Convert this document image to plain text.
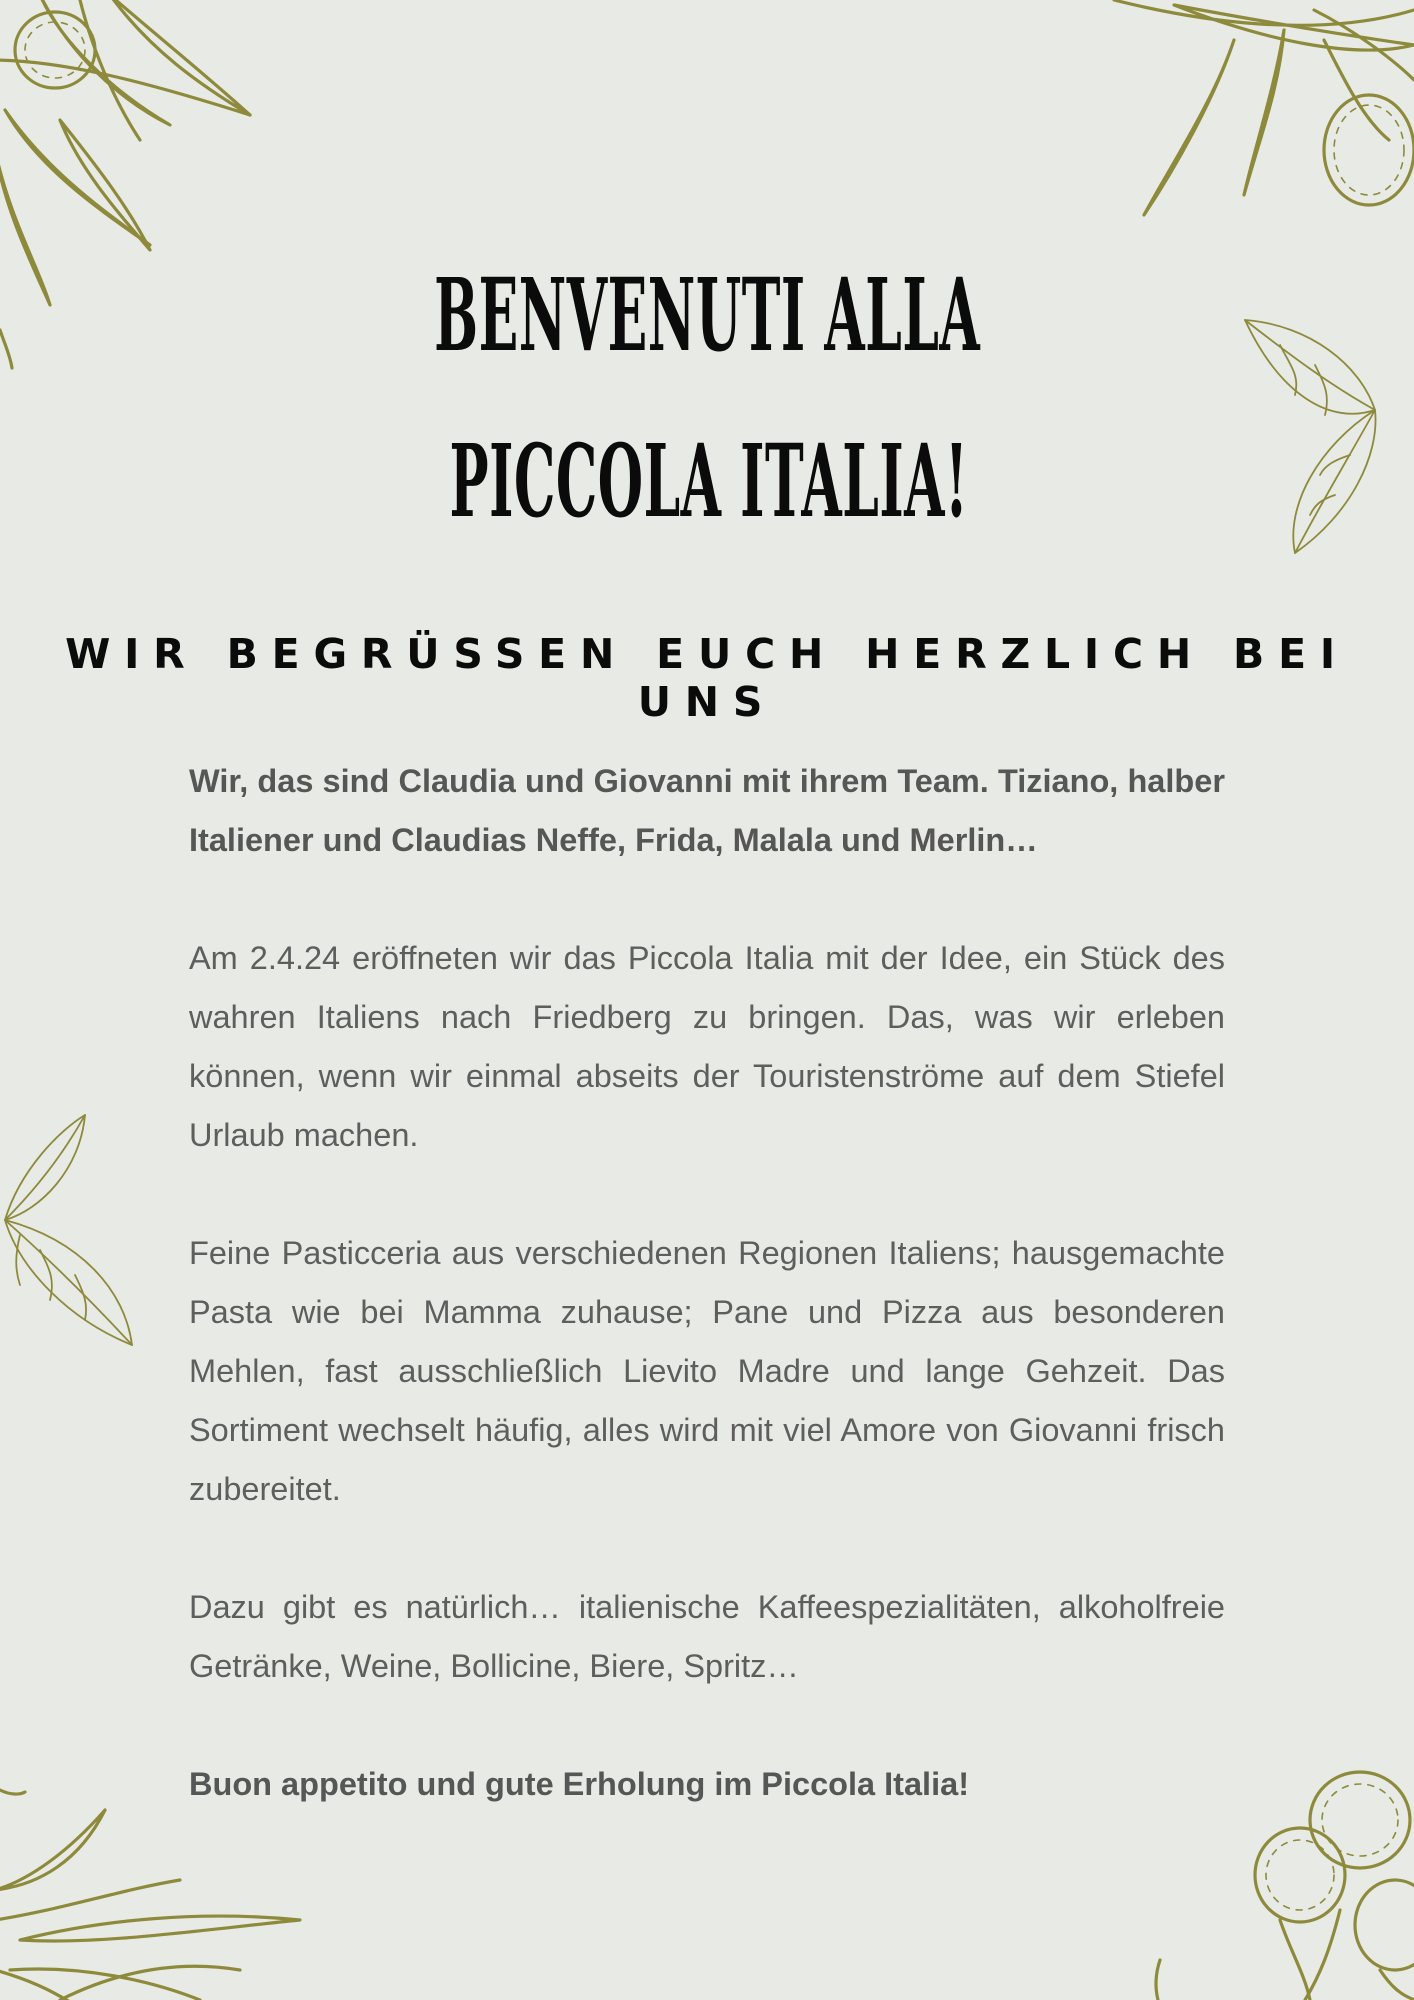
BENVENUTI ALLA
PICCOLA ITALIA!
WIR BEGRÜSSEN EUCH HERZLICH BEI UNS

Wir, das sind Claudia und Giovanni mit ihrem Team. Tiziano, halber Italiener und Claudias Neffe, Frida, Malala und Merlin…

Am 2.4.24 eröffneten wir das Piccola Italia mit der Idee, ein Stück des wahren Italiens nach Friedberg zu bringen. Das, was wir erleben können, wenn wir einmal abseits der Touristenströme auf dem Stiefel Urlaub machen.

Feine Pasticceria aus verschiedenen Regionen Italiens; hausgemachte Pasta wie bei Mamma zuhause; Pane und Pizza aus besonderen Mehlen, fast ausschließlich Lievito Madre und lange Gehzeit. Das Sortiment wechselt häufig, alles wird mit viel Amore von Giovanni frisch zubereitet.

Dazu gibt es natürlich… italienische Kaffeespezialitäten, alkoholfreie Getränke, Weine, Bollicine, Biere, Spritz…

Buon appetito und gute Erholung im Piccola Italia!
